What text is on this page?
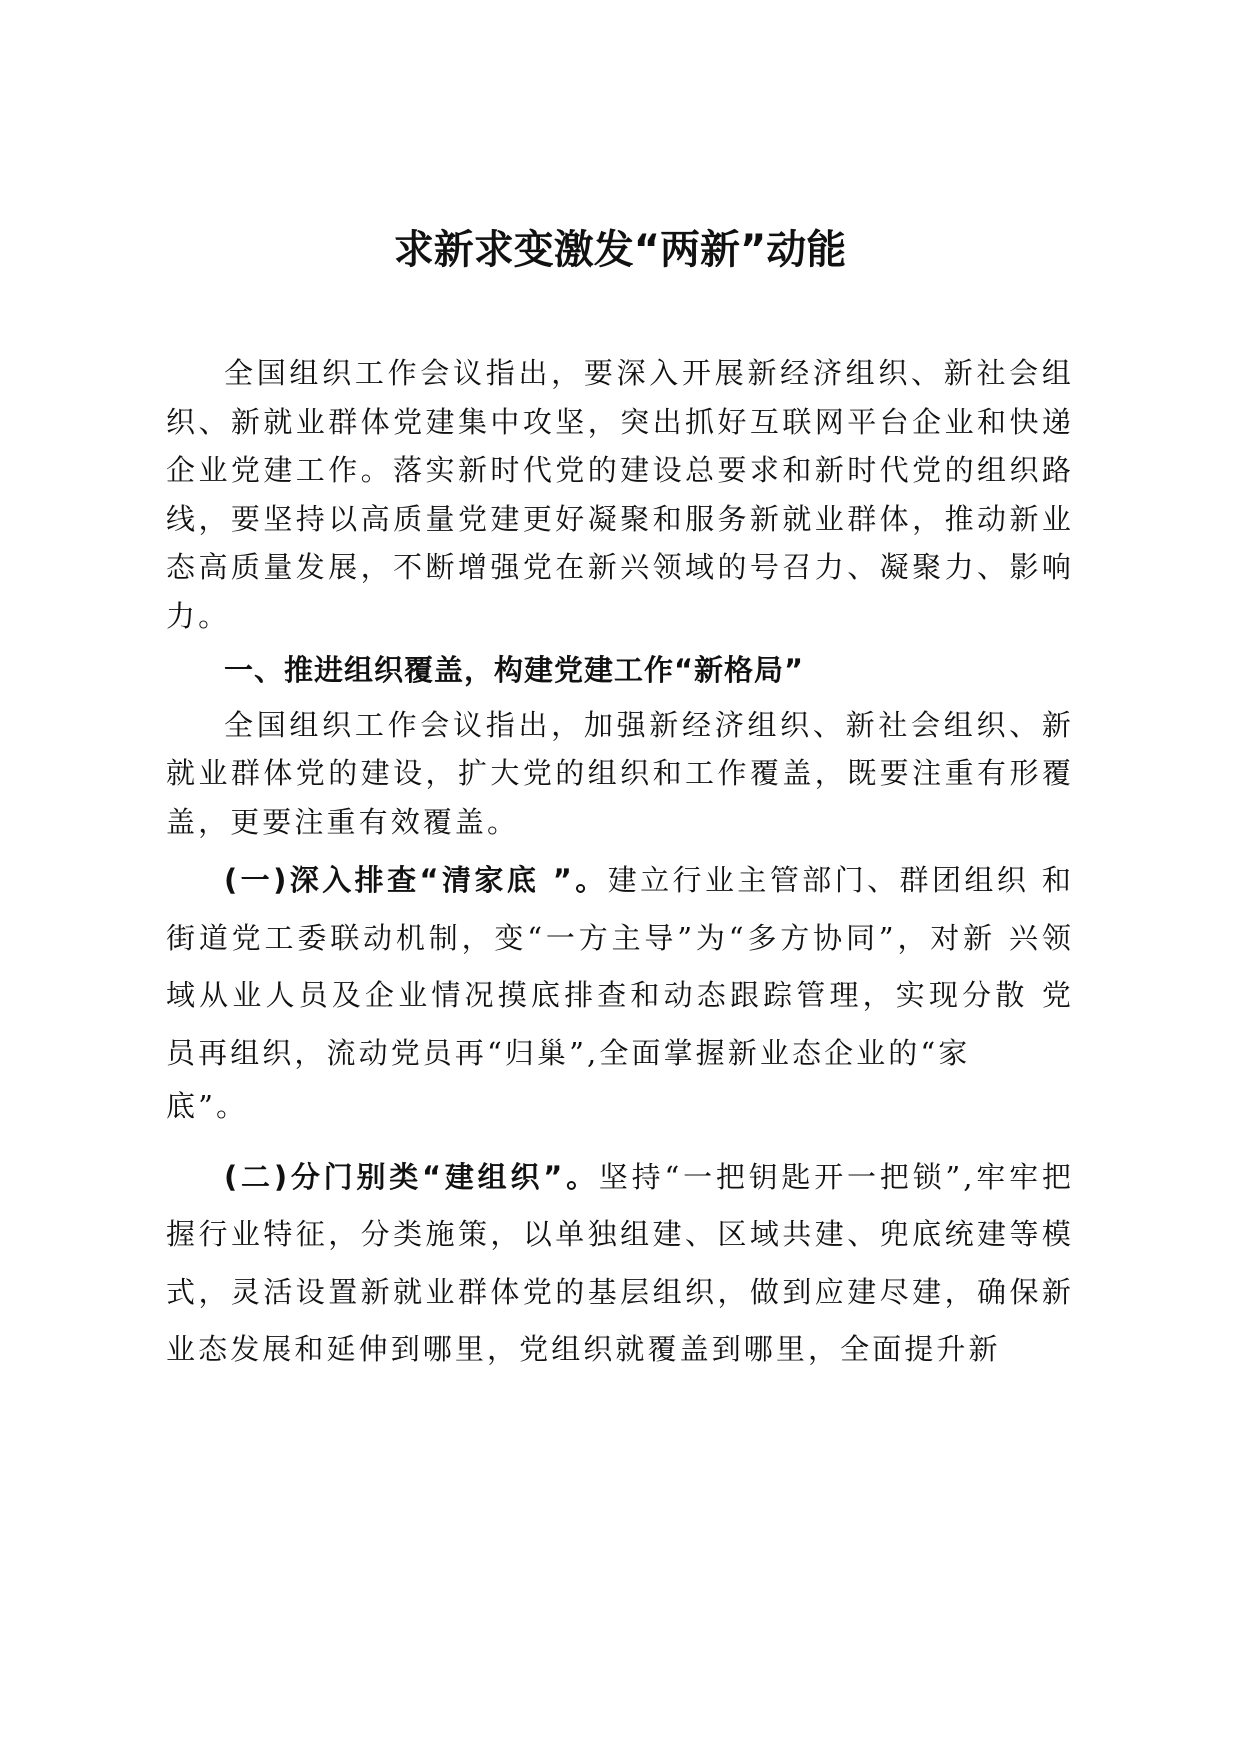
求新求变激发“两新”动能

全国组织工作会议指出，要深入开展新经济组织、新社会组织、新就业群体党建集中攻坚，突出抓好互联网平台企业和快递企业党建工作。落实新时代党的建设总要求和新时代党的组织路线，要坚持以高质量党建更好凝聚和服务新就业群体，推动新业态高质量发展，不断增强党在新兴领域的号召力、凝聚力、影响力。

一、推进组织覆盖，构建党建工作“新格局”

全国组织工作会议指出，加强新经济组织、新社会组织、新就业群体党的建设，扩大党的组织和工作覆盖，既要注重有形覆盖，更要注重有效覆盖。

(一)深入排查“清家底 ”。建立行业主管部门、群团组织 和街道党工委联动机制，变“一方主导”为“多方协同”，对新 兴领域从业人员及企业情况摸底排查和动态跟踪管理，实现分散 党员再组织，流动党员再“归巢”,全面掌握新业态企业的“家

底”。

(二)分门别类“建组织”。坚持“一把钥匙开一把锁”,牢牢把握行业特征，分类施策，以单独组建、区域共建、兜底统建等模式，灵活设置新就业群体党的基层组织，做到应建尽建，确保新业态发展和延伸到哪里，党组织就覆盖到哪里，全面提升新
